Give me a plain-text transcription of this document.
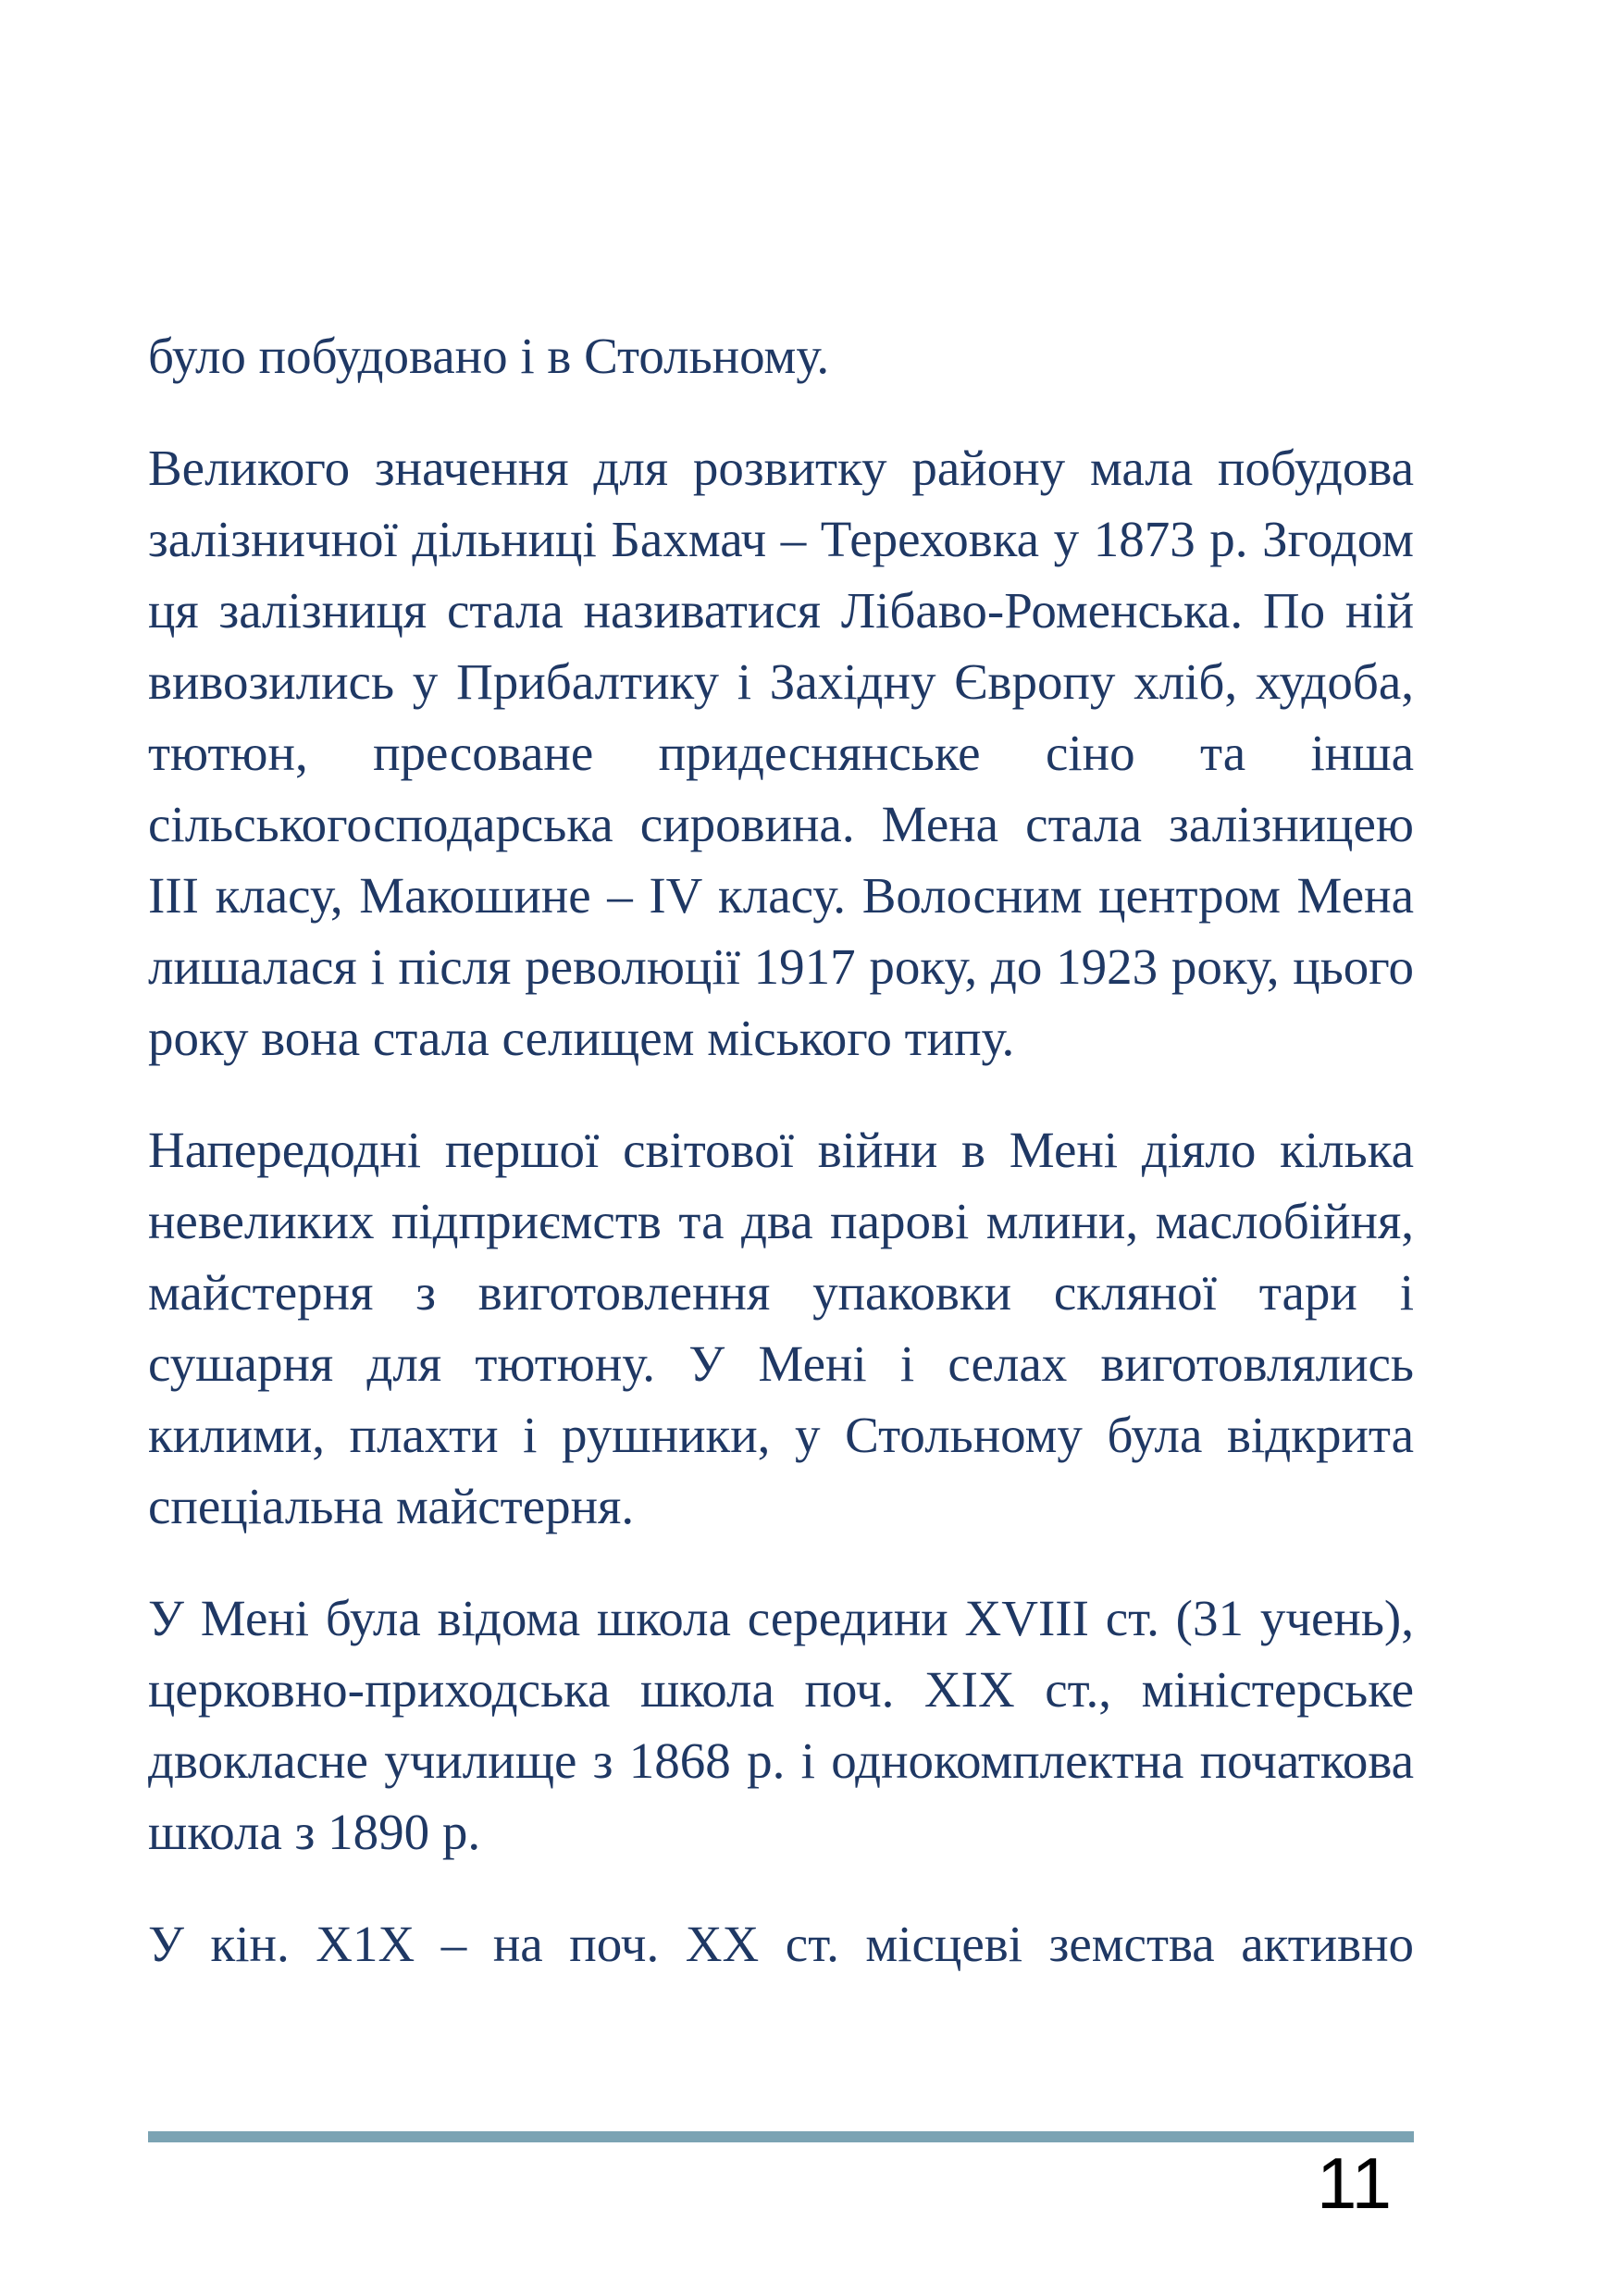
було побудовано і в Стольному.

Великого значення для розвитку району мала побудова залізничної дільниці Бахмач – Тереховка у 1873 р. Згодом ця залізниця стала називатися Лібаво-Роменська. По ній вивозились у Прибалтику і Західну Європу хліб, худоба, тютюн, пресоване придеснянське сіно та інша сільськогосподарська сировина. Мена стала залізницею III класу, Макошине – IV класу. Волосним центром Мена лишалася і після революції 1917 року, до 1923 року, цього року вона стала селищем міського типу.

Напередодні першої світової війни в Мені діяло кілька невеликих підприємств та два парові млини, маслобійня, майстерня з виготовлення упаковки скляної тари і сушарня для тютюну. У Мені і селах виготовлялись килими, плахти і рушники, у Стольному була відкрита спеціальна майстерня.

У Мені була відома школа середини XVIII ст. (31 учень), церковно-приходська школа поч. XIX ст., міністерське двокласне училище з 1868 р. і однокомплектна початкова школа з 1890 р.

У кін. Х1Х – на поч. ХХ ст. місцеві земства активно

11
